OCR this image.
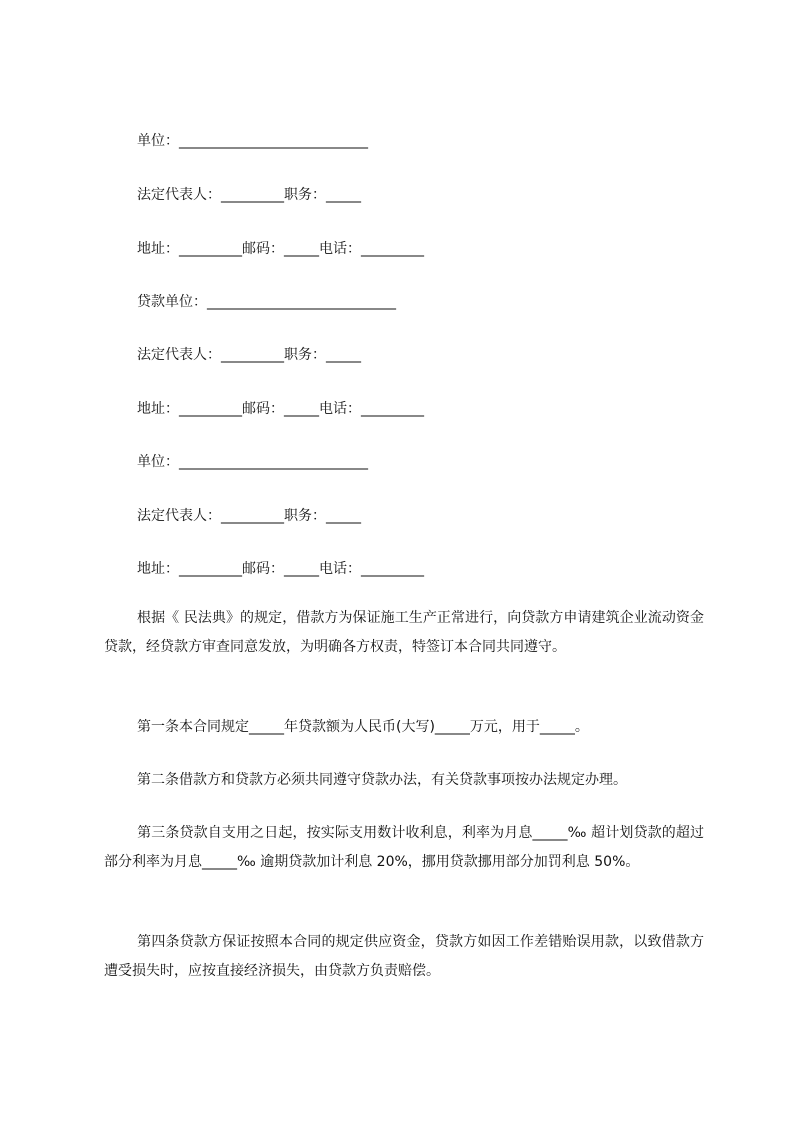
单位：___________________________
法定代表人：_________职务：_____
地址：_________邮码：_____电话：_________
贷款单位：___________________________
法定代表人：_________职务：_____
地址：_________邮码：_____电话：_________
单位：___________________________
法定代表人：_________职务：_____
地址：_________邮码：_____电话：_________
根据《 民法典》的规定，借款方为保证施工生产正常进行，向贷款方申请建筑企业流动资金贷款，经贷款方审查同意发放，为明确各方权责，特签订本合同共同遵守。
第一条本合同规定_____年贷款额为人民币(大写)_____万元，用于_____。
第二条借款方和贷款方必须共同遵守贷款办法，有关贷款事项按办法规定办理。
第三条贷款自支用之日起，按实际支用数计收利息，利率为月息_____‰ 超计划贷款的超过部分利率为月息_____‰ 逾期贷款加计利息 20%，挪用贷款挪用部分加罚利息 50%。
第四条贷款方保证按照本合同的规定供应资金，贷款方如因工作差错贻误用款，以致借款方遭受损失时，应按直接经济损失，由贷款方负责赔偿。
